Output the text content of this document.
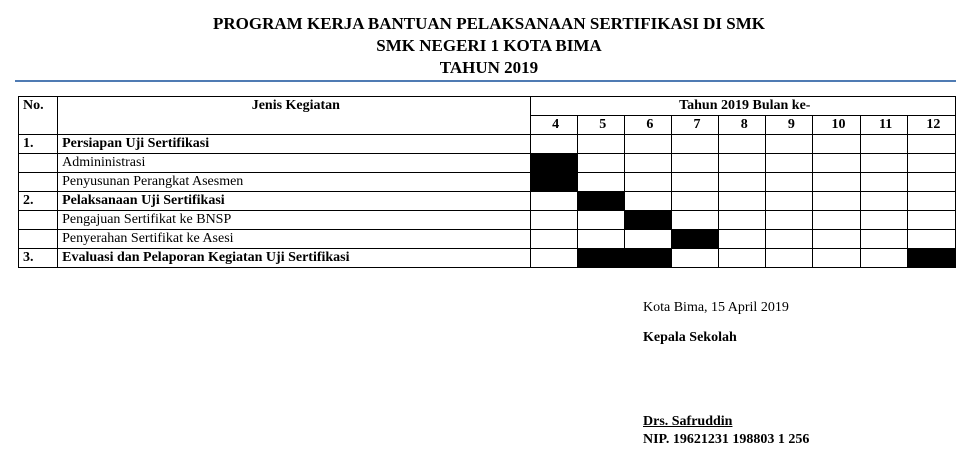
PROGRAM KERJA BANTUAN PELAKSANAAN SERTIFIKASI DI SMK
SMK NEGERI 1 KOTA BIMA
TAHUN 2019
No.	Jenis Kegiatan	Tahun 2019 Bulan ke-								
		4	5	6	7	8	9	10	11	12
1.	Persiapan Uji Sertifikasi									
	Admininistrasi									
	Penyusunan Perangkat Asesmen									
2.	Pelaksanaan Uji Sertifikasi									
	Pengajuan Sertifikat ke BNSP									
	Penyerahan Sertifikat ke Asesi									
3.	Evaluasi dan Pelaporan Kegiatan Uji Sertifikasi									
Kota Bima, 15 April 2019
Kepala Sekolah
Drs. Safruddin
NIP. 19621231 198803 1 256
